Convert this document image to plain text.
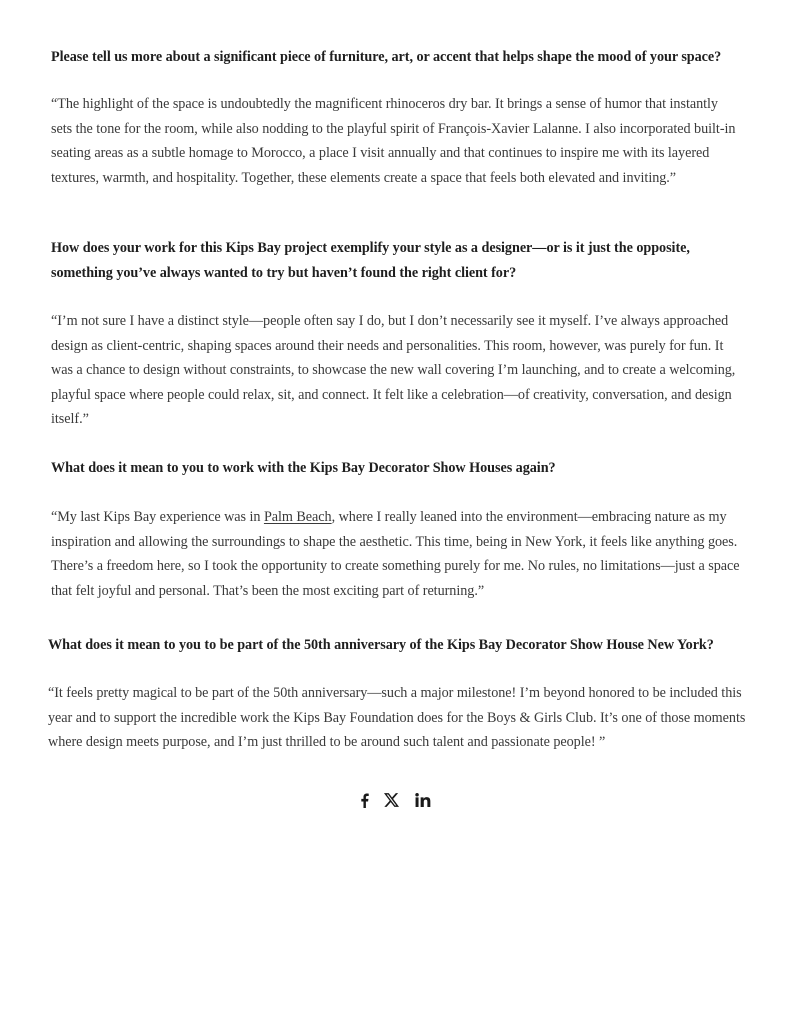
Please tell us more about a significant piece of furniture, art, or accent that helps shape the mood of your space?

“The highlight of the space is undoubtedly the magnificent rhinoceros dry bar. It brings a sense of humor that instantly sets the tone for the room, while also nodding to the playful spirit of François-Xavier Lalanne. I also incorporated built-in seating areas as a subtle homage to Morocco, a place I visit annually and that continues to inspire me with its layered textures, warmth, and hospitality. Together, these elements create a space that feels both elevated and inviting.”

How does your work for this Kips Bay project exemplify your style as a designer—or is it just the opposite, something you’ve always wanted to try but haven’t found the right client for?

“I’m not sure I have a distinct style—people often say I do, but I don’t necessarily see it myself. I’ve always approached design as client-centric, shaping spaces around their needs and personalities. This room, however, was purely for fun. It was a chance to design without constraints, to showcase the new wall covering I’m launching, and to create a welcoming, playful space where people could relax, sit, and connect. It felt like a celebration—of creativity, conversation, and design itself.”

What does it mean to you to work with the Kips Bay Decorator Show Houses again?

“My last Kips Bay experience was in Palm Beach, where I really leaned into the environment—embracing nature as my inspiration and allowing the surroundings to shape the aesthetic. This time, being in New York, it feels like anything goes. There’s a freedom here, so I took the opportunity to create something purely for me. No rules, no limitations—just a space that felt joyful and personal. That’s been the most exciting part of returning.”

What does it mean to you to be part of the 50th anniversary of the Kips Bay Decorator Show House New York?

“It feels pretty magical to be part of the 50th anniversary—such a major milestone! I’m beyond honored to be included this year and to support the incredible work the Kips Bay Foundation does for the Boys & Girls Club. It’s one of those moments where design meets purpose, and I’m just thrilled to be around such talent and passionate people! ”
